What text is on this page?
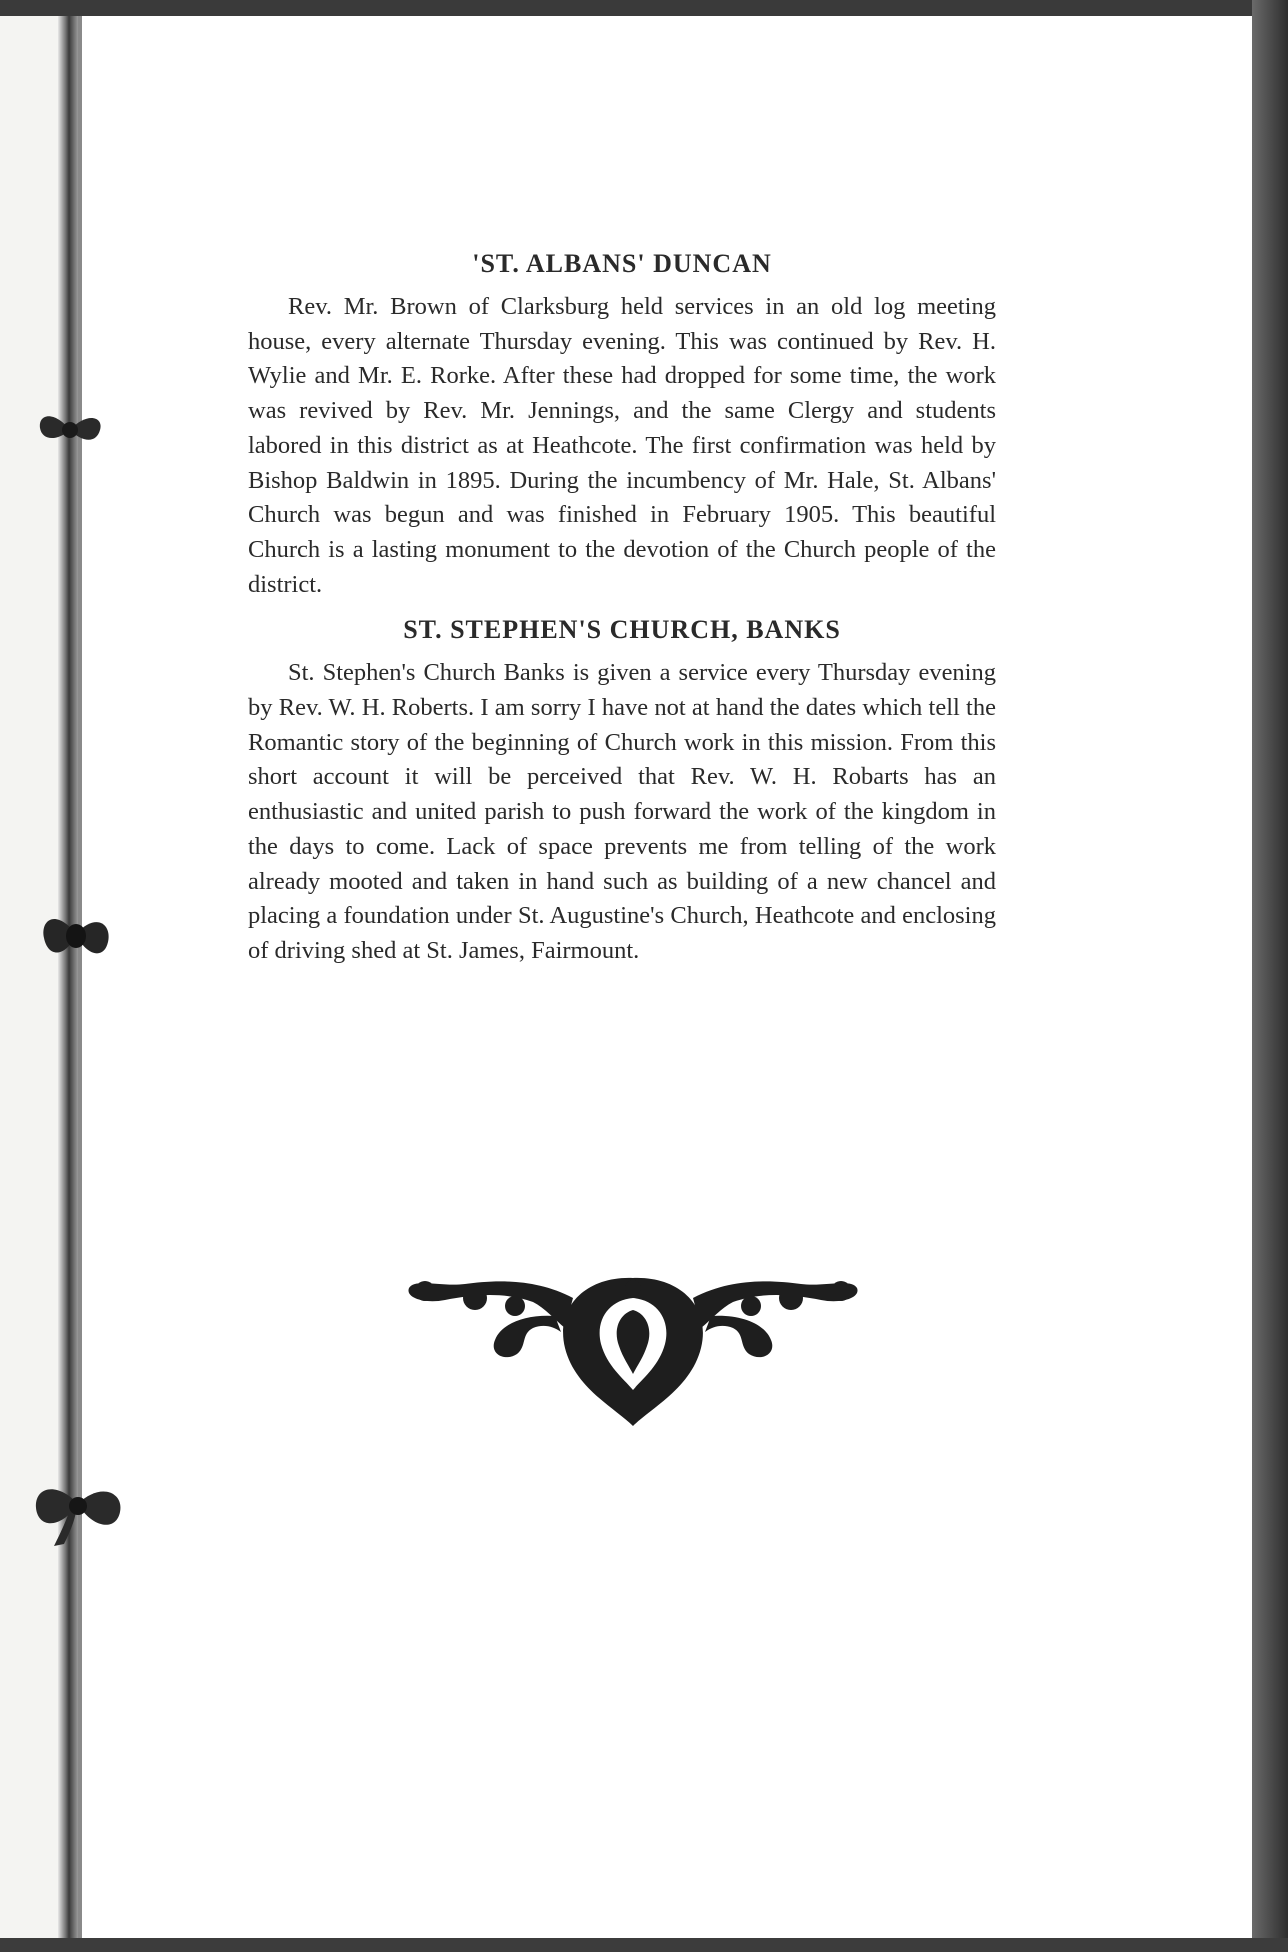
'ST. ALBANS' DUNCAN

Rev. Mr. Brown of Clarksburg held services in an old log meeting house, every alternate Thursday evening. This was continued by Rev. H. Wylie and Mr. E. Rorke. After these had dropped for some time, the work was revived by Rev. Mr. Jennings, and the same Clergy and students labored in this district as at Heathcote. The first confirmation was held by Bishop Baldwin in 1895. During the incumbency of Mr. Hale, St. Albans' Church was begun and was finished in February 1905. This beautiful Church is a lasting monument to the devotion of the Church people of the district.

ST. STEPHEN'S CHURCH, BANKS

St. Stephen's Church Banks is given a service every Thursday evening by Rev. W. H. Roberts. I am sorry I have not at hand the dates which tell the Romantic story of the beginning of Church work in this mission. From this short account it will be perceived that Rev. W. H. Robarts has an enthusiastic and united parish to push forward the work of the kingdom in the days to come. Lack of space prevents me from telling of the work already mooted and taken in hand such as building of a new chancel and placing a foundation under St. Augustine's Church, Heathcote and enclosing of driving shed at St. James, Fairmount.
